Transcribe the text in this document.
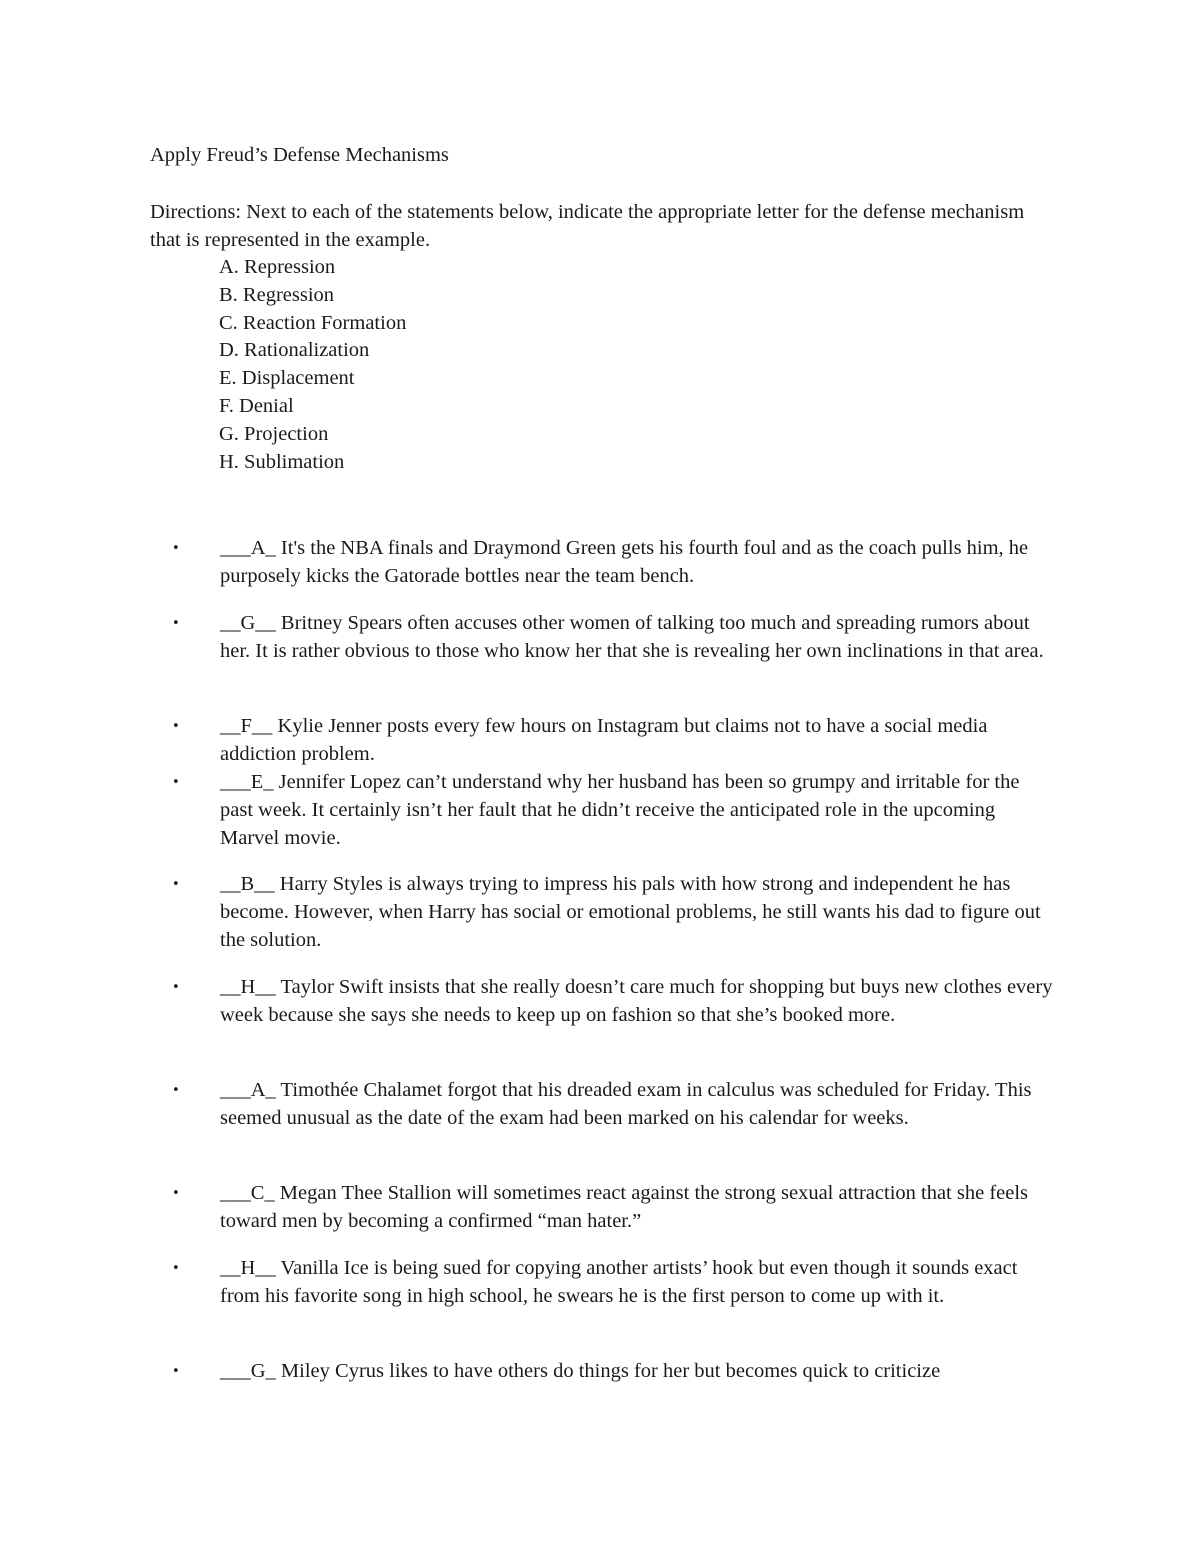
Apply Freud’s Defense Mechanisms

Directions: Next to each of the statements below, indicate the appropriate letter for the defense mechanism that is represented in the example.

A. Repression
B. Regression
C. Reaction Formation
D. Rationalization
E. Displacement
F. Denial
G. Projection
H. Sublimation
• ___A_ It's the NBA finals and Draymond Green gets his fourth foul and as the coach pulls him, he purposely kicks the Gatorade bottles near the team bench.

• __G__ Britney Spears often accuses other women of talking too much and spreading rumors about her. It is rather obvious to those who know her that she is revealing her own inclinations in that area.

• __F__ Kylie Jenner posts every few hours on Instagram but claims not to have a social media addiction problem.

• ___E_ Jennifer Lopez can’t understand why her husband has been so grumpy and irritable for the past week. It certainly isn’t her fault that he didn’t receive the anticipated role in the upcoming Marvel movie.

• __B__ Harry Styles is always trying to impress his pals with how strong and independent he has become. However, when Harry has social or emotional problems, he still wants his dad to figure out the solution.

• __H__ Taylor Swift insists that she really doesn’t care much for shopping but buys new clothes every week because she says she needs to keep up on fashion so that she’s booked more.

• ___A_ Timothée Chalamet forgot that his dreaded exam in calculus was scheduled for Friday. This seemed unusual as the date of the exam had been marked on his calendar for weeks.

• ___C_ Megan Thee Stallion will sometimes react against the strong sexual attraction that she feels toward men by becoming a confirmed “man hater.”

• __H__ Vanilla Ice is being sued for copying another artists’ hook but even though it sounds exact from his favorite song in high school, he swears he is the first person to come up with it.

• ___G_ Miley Cyrus likes to have others do things for her but becomes quick to criticize
